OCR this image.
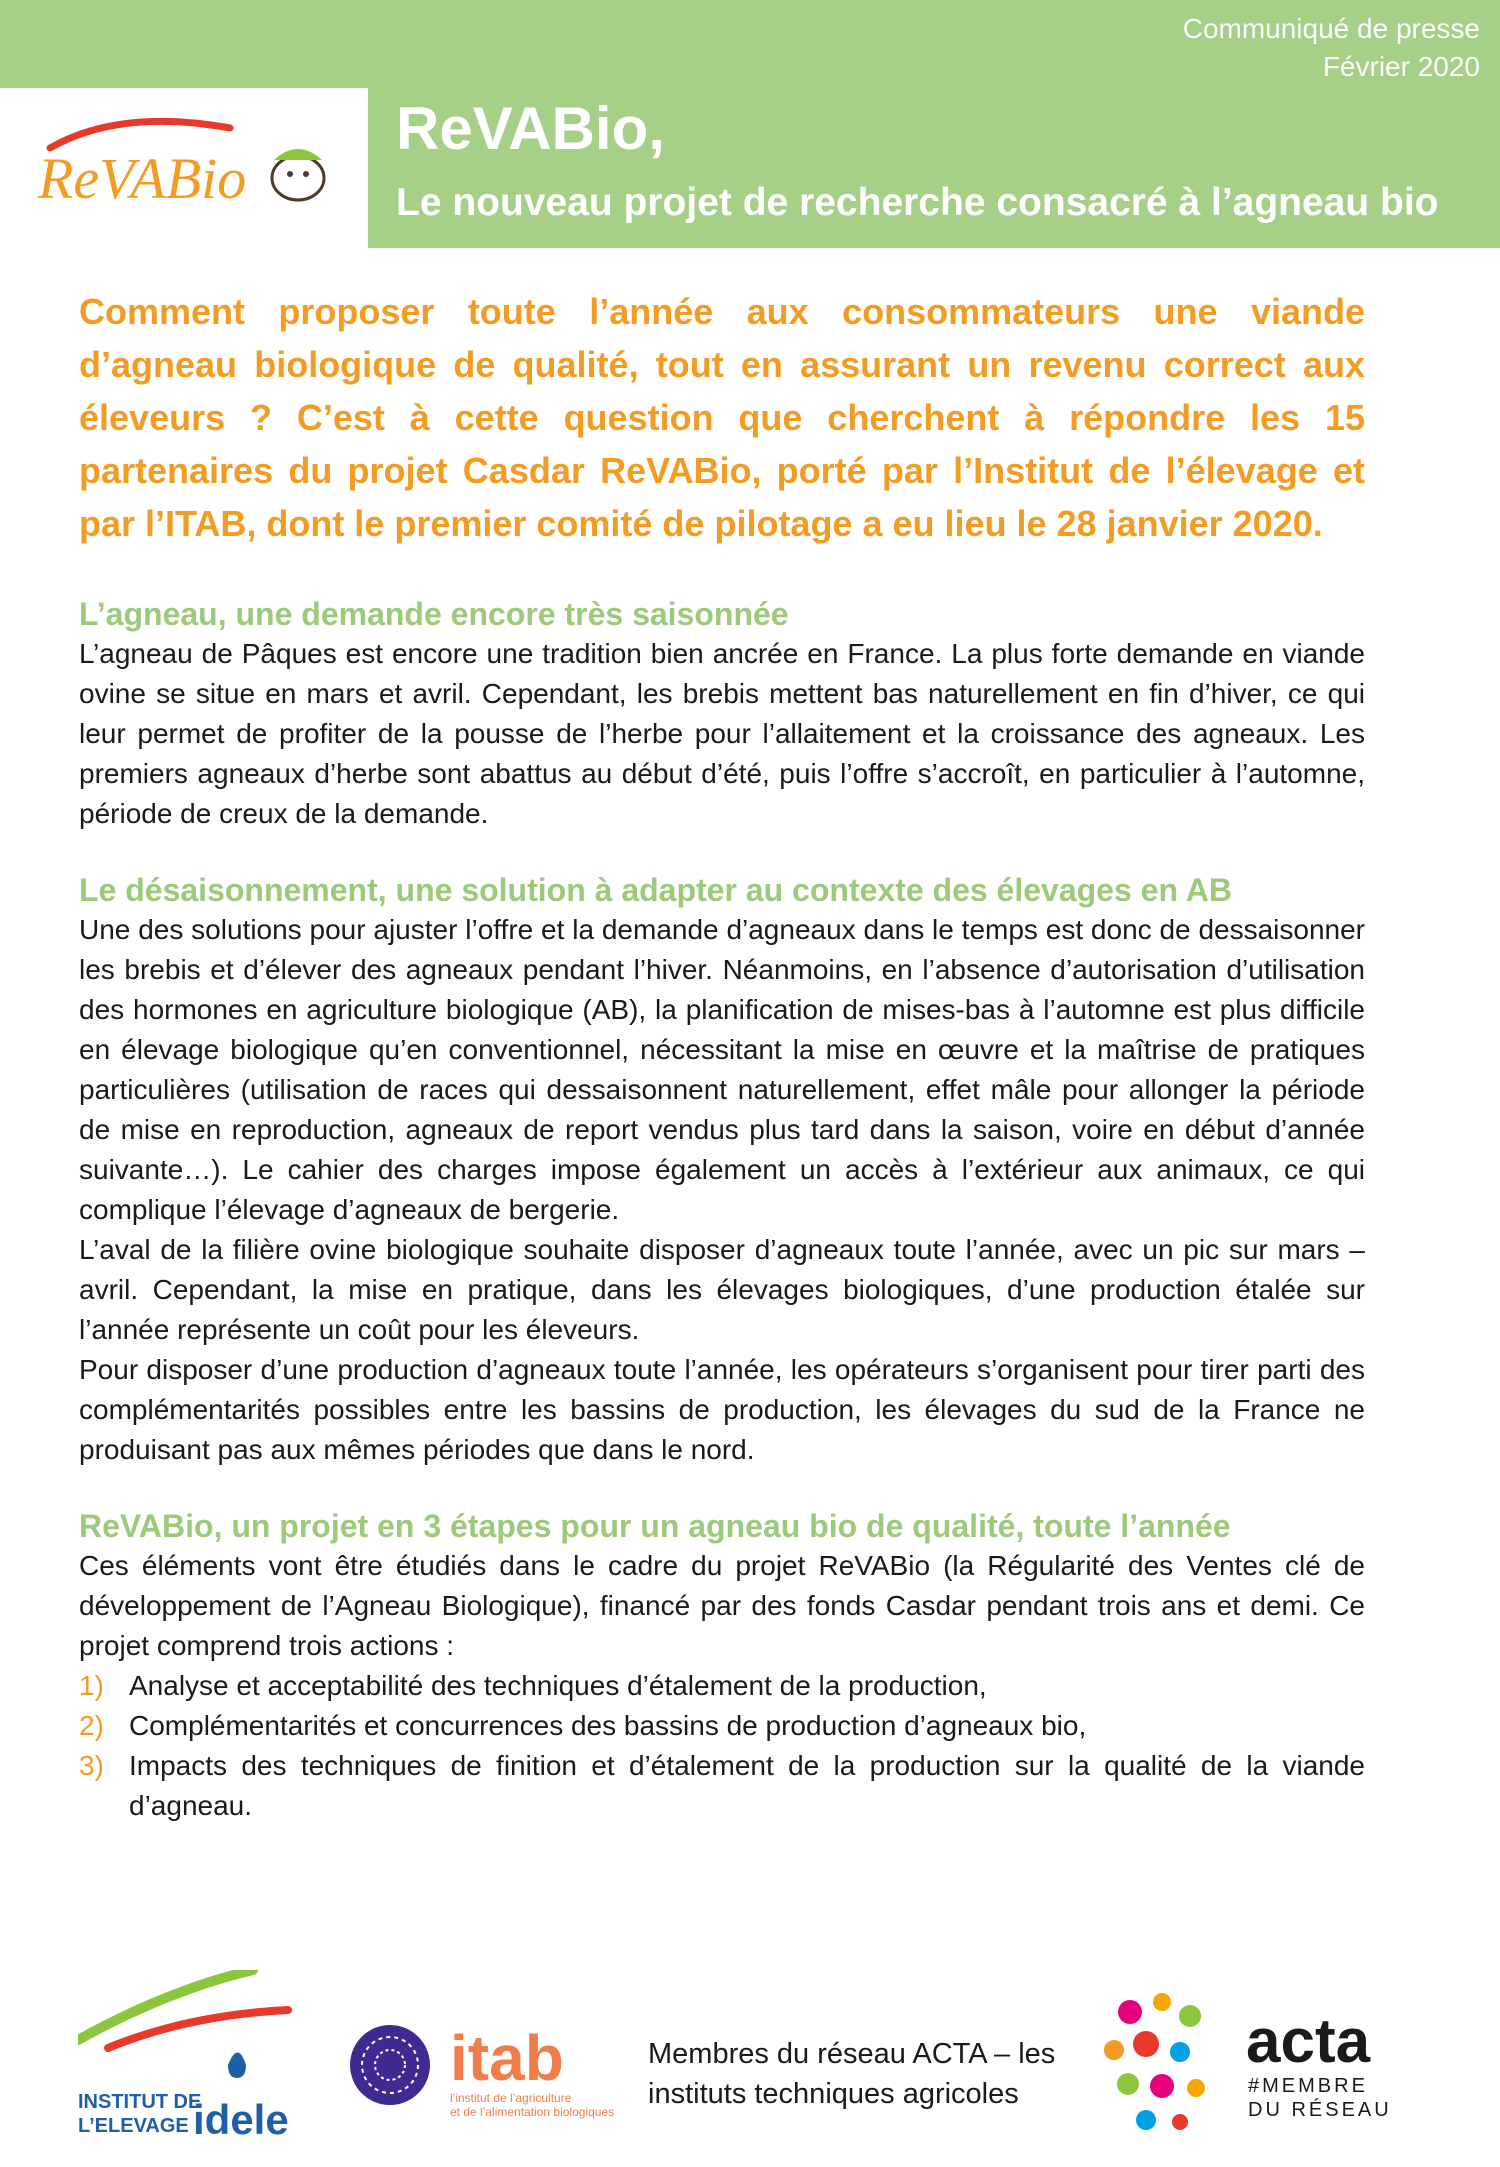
Communiqué de presse
Février 2020
ReVABio
ReVABio,
Le nouveau projet de recherche consacré à l’agneau bio

Comment proposer toute l’année aux consommateurs une viande d’agneau biologique de qualité, tout en assurant un revenu correct aux éleveurs ? C’est à cette question que cherchent à répondre les 15 partenaires du projet Casdar ReVABio, porté par l’Institut de l’élevage et par l’ITAB, dont le premier comité de pilotage a eu lieu le 28 janvier 2020.

L’agneau, une demande encore très saisonnée

L’agneau de Pâques est encore une tradition bien ancrée en France. La plus forte demande en viande ovine se situe en mars et avril. Cependant, les brebis mettent bas naturellement en fin d’hiver, ce qui leur permet de profiter de la pousse de l’herbe pour l’allaitement et la croissance des agneaux. Les premiers agneaux d’herbe sont abattus au début d’été, puis l’offre s’accroît, en particulier à l’automne, période de creux de la demande.

Le désaisonnement, une solution à adapter au contexte des élevages en AB

Une des solutions pour ajuster l’offre et la demande d’agneaux dans le temps est donc de dessaisonner les brebis et d’élever des agneaux pendant l’hiver. Néanmoins, en l’absence d’autorisation d’utilisation des hormones en agriculture biologique (AB), la planification de mises-bas à l’automne est plus difficile en élevage biologique qu’en conventionnel, nécessitant la mise en œuvre et la maîtrise de pratiques particulières (utilisation de races qui dessaisonnent naturellement, effet mâle pour allonger la période de mise en reproduction, agneaux de report vendus plus tard dans la saison, voire en début d’année suivante…). Le cahier des charges impose également un accès à l’extérieur aux animaux, ce qui complique l’élevage d’agneaux de bergerie.

L’aval de la filière ovine biologique souhaite disposer d’agneaux toute l’année, avec un pic sur mars –avril. Cependant, la mise en pratique, dans les élevages biologiques, d’une production étalée sur l’année représente un coût pour les éleveurs.

Pour disposer d’une production d’agneaux toute l’année, les opérateurs s’organisent pour tirer parti des complémentarités possibles entre les bassins de production, les élevages du sud de la France ne produisant pas aux mêmes périodes que dans le nord.

ReVABio, un projet en 3 étapes pour un agneau bio de qualité, toute l’année

Ces éléments vont être étudiés dans le cadre du projet ReVABio (la Régularité des Ventes clé de développement de l’Agneau Biologique), financé par des fonds Casdar pendant trois ans et demi. Ce projet comprend trois actions :

1) Analyse et acceptabilité des techniques d’étalement de la production,
2) Complémentarités et concurrences des bassins de production d’agneaux bio,
3) Impacts des techniques de finition et d’étalement de la production sur la qualité de la viande d’agneau.
INSTITUT DE
L’ELEVAGE idele
itab
l’institut de l’agriculture
et de l’alimentation biologiques
Membres du réseau ACTA – les
instituts techniques agricoles
acta
#MEMBRE
DU RÉSEAU
